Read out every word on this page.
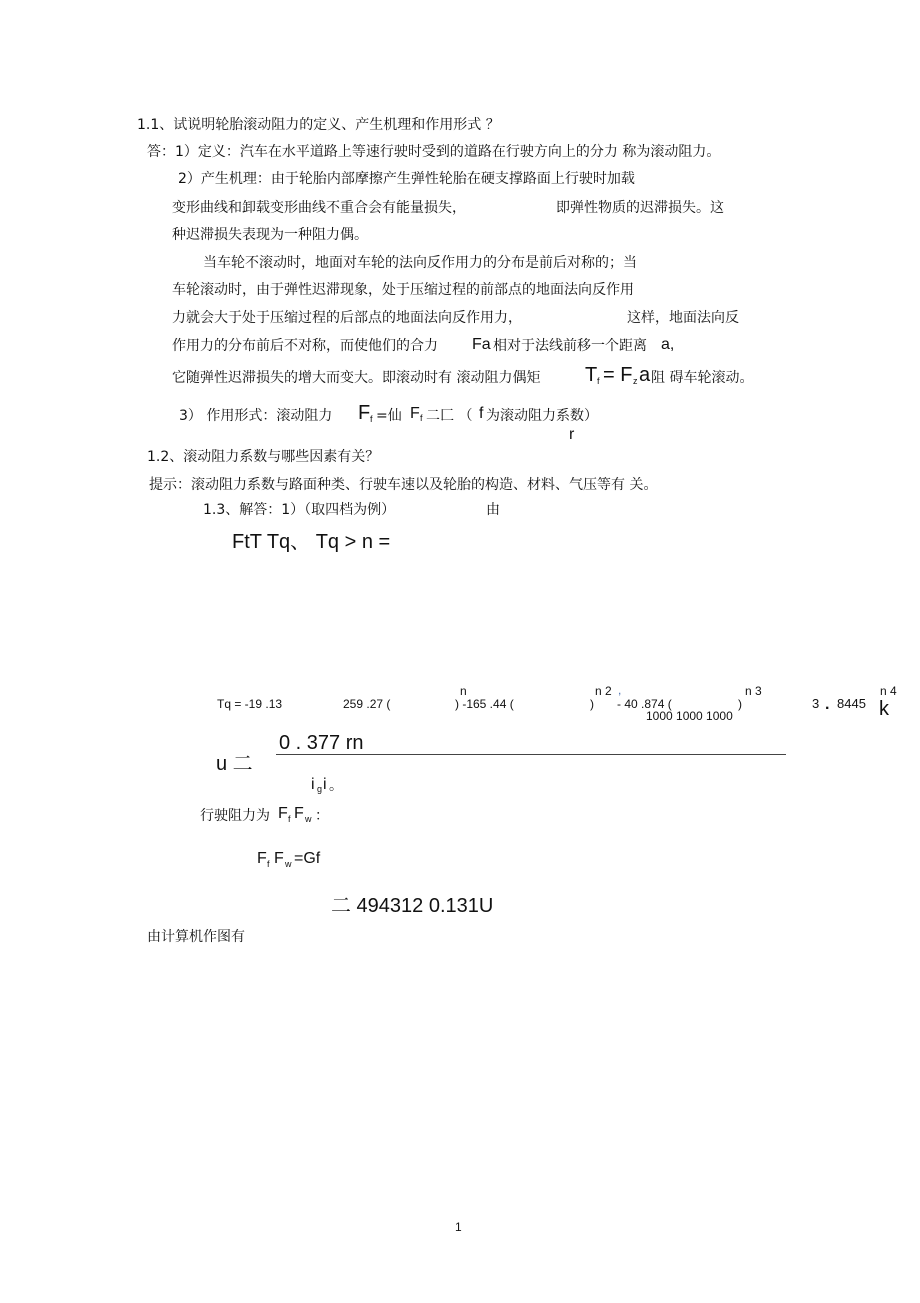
1.1、试说明轮胎滚动阻力的定义、产生机理和作用形式 ？
答：1）定义：汽车在水平道路上等速行驶时受到的道路在行驶方向上的分力 称为滚动阻力。
2）产生机理：由于轮胎内部摩擦产生弹性轮胎在硬支撑路面上行驶时加载
变形曲线和卸载变形曲线不重合会有能量损失，	即弹性物质的迟滞损失。这
种迟滞损失表现为一种阻力偶。
当车轮不滚动时，地面对车轮的法向反作用力的分布是前后对称的；当
车轮滚动时，由于弹性迟滞现象，处于压缩过程的前部点的地面法向反作用
力就会大于处于压缩过程的后部点的地面法向反作用力，	这样，地面法向反
作用力的分布前后不对称，而使他们的合力 Fa 相对于法线前移一个距离 a,
它随弹性迟滞损失的增大而变大。即滚动时有 滚动阻力偶矩 T f = F z a 阻 碍车轮滚动。
3） 作用形式：滚动阻力 F f =仙 F f 二匚 （ f 为滚动阻力系数）
r
1.2、滚动阻力系数与哪些因素有关？
提示：滚动阻力系数与路面种类、行驶车速以及轮胎的构造、材料、气压等有 关。
1.3、解答：1）（取四档为例）	由
FtT Tq、 Tq > n =
Tq = -19 .13	259 .27 (	) -165 .44 (	) - 40 .874 (	)	3 . 8445 k
n	n 2 ,	n 3	n 4
1000 1000 1000
0 . 377 rn
u 二
i g i 。
行驶阻力为 F f F w ：
F f F w =Gf
二 494312 0.131U
由计算机作图有
1
